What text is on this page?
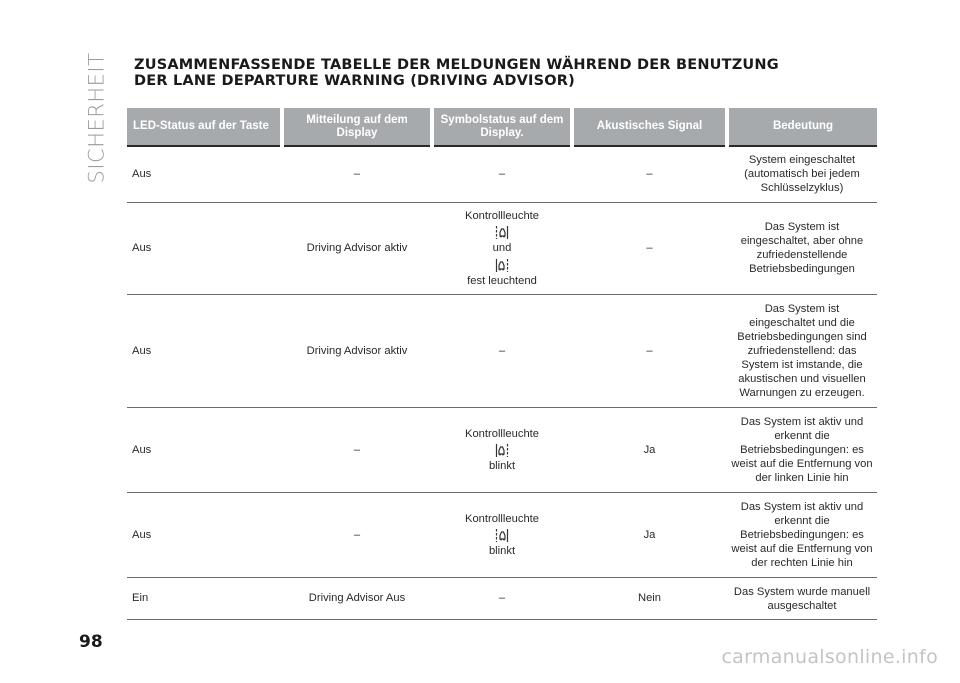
SICHERHEIT ZUSAMMENFASSENDE TABELLE DER MELDUNGEN WÄHREND DER BENUTZUNG
DER LANE DEPARTURE WARNING (DRIVING ADVISOR)
LED-Status auf der Taste	Mitteilung auf dem Display	Symbolstatus auf dem Display.	Akustisches Signal	Bedeutung
Aus	–	–	–	System eingeschaltet (automatisch bei jedem Schlüsselzyklus)
Aus	Driving Advisor aktiv	Kontrollleuchte
und
fest leuchtend	–	Das System ist eingeschaltet, aber ohne zufriedenstellende Betriebsbedingungen
Aus	Driving Advisor aktiv	–	–	Das System ist eingeschaltet und die Betriebsbedingungen sind zufriedenstellend: das System ist imstande, die akustischen und visuellen Warnungen zu erzeugen.
Aus	–	Kontrollleuchte
blinkt	Ja	Das System ist aktiv und erkennt die Betriebsbedingungen: es weist auf die Entfernung von der linken Linie hin
Aus	–	Kontrollleuchte
blinkt	Ja	Das System ist aktiv und erkennt die Betriebsbedingungen: es weist auf die Entfernung von der rechten Linie hin
Ein	Driving Advisor Aus	–	Nein	Das System wurde manuell ausgeschaltet
98
carmanualsonline.info
